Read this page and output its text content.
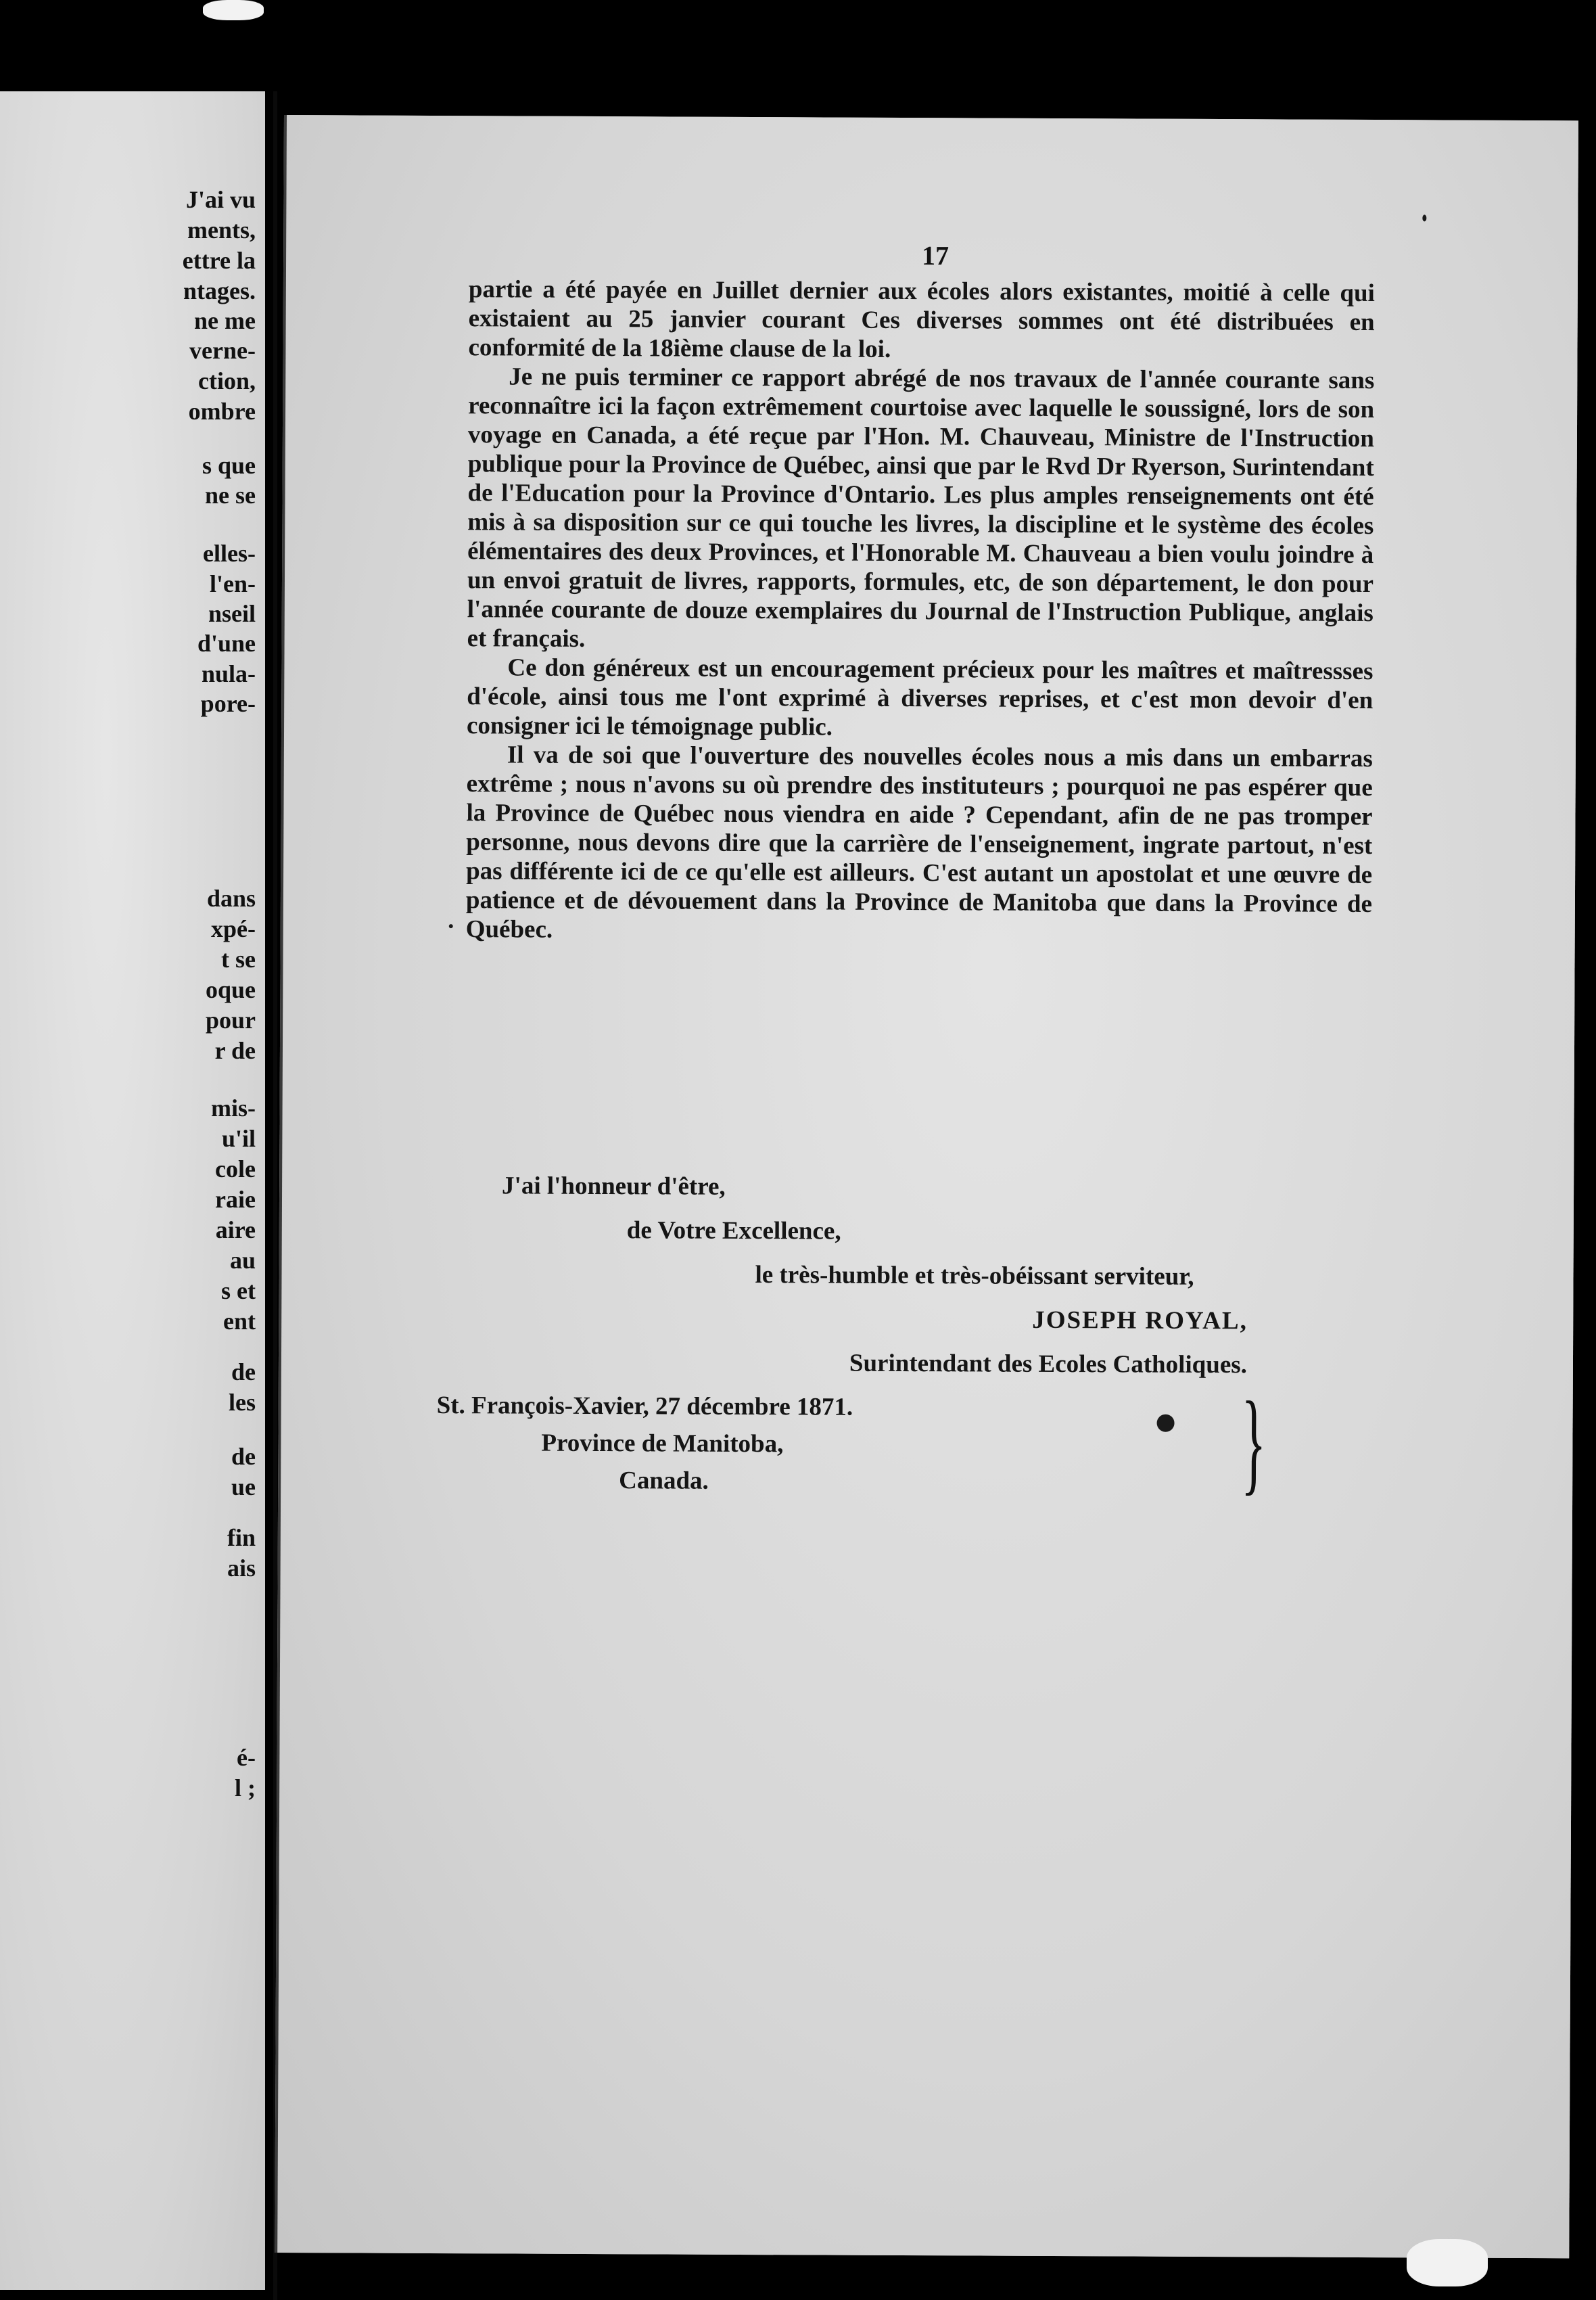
J'ai vu
ments,
ettre la
ntages.
ne me
verne-
ction,
ombre
s que
ne se
elles-
l'en-
nseil
d'une
nula-
pore-
dans
xpé-
t se
oque
pour
r de
mis-
u'il
cole
raie
aire
au
s et
ent
de
les
de
ue
fin
ais
é-
l ;
17

partie a été payée en Juillet dernier aux écoles alors existantes, moitié à celle qui existaient au 25 janvier courant Ces diverses sommes ont été distribuées en conformité de la 18ième clause de la loi.

Je ne puis terminer ce rapport abrégé de nos travaux de l'année courante sans reconnaître ici la façon extrêmement courtoise avec laquelle le soussigné, lors de son voyage en Canada, a été reçue par l'Hon. M. Chauveau, Ministre de l'Instruction publique pour la Province de Québec, ainsi que par le Rvd Dr Ryerson, Surintendant de l'Education pour la Province d'Ontario. Les plus amples renseignements ont été mis à sa disposition sur ce qui touche les livres, la discipline et le système des écoles élémentaires des deux Provinces, et l'Honorable M. Chauveau a bien voulu joindre à un envoi gratuit de livres, rapports, formules, etc, de son département, le don pour l'année courante de douze exemplaires du Journal de l'Instruction Publique, anglais et français.

Ce don généreux est un encouragement précieux pour les maîtres et maîtressses d'école, ainsi tous me l'ont exprimé à diverses reprises, et c'est mon devoir d'en consigner ici le témoignage public.

Il va de soi que l'ouverture des nouvelles écoles nous a mis dans un embarras extrême ; nous n'avons su où prendre des instituteurs ; pourquoi ne pas espérer que la Province de Québec nous viendra en aide ? Cependant, afin de ne pas tromper personne, nous devons dire que la carrière de l'enseignement, ingrate partout, n'est pas différente ici de ce qu'elle est ailleurs. C'est autant un apostolat et une œuvre de patience et de dévouement dans la Province de Manitoba que dans la Province de Québec.

J'ai l'honneur d'être,
de Votre Excellence,
le très-humble et très-obéissant serviteur,
JOSEPH ROYAL,
Surintendant des Ecoles Catholiques.
St. François-Xavier, 27 décembre 1871.
Province de Manitoba,
Canada.	}
